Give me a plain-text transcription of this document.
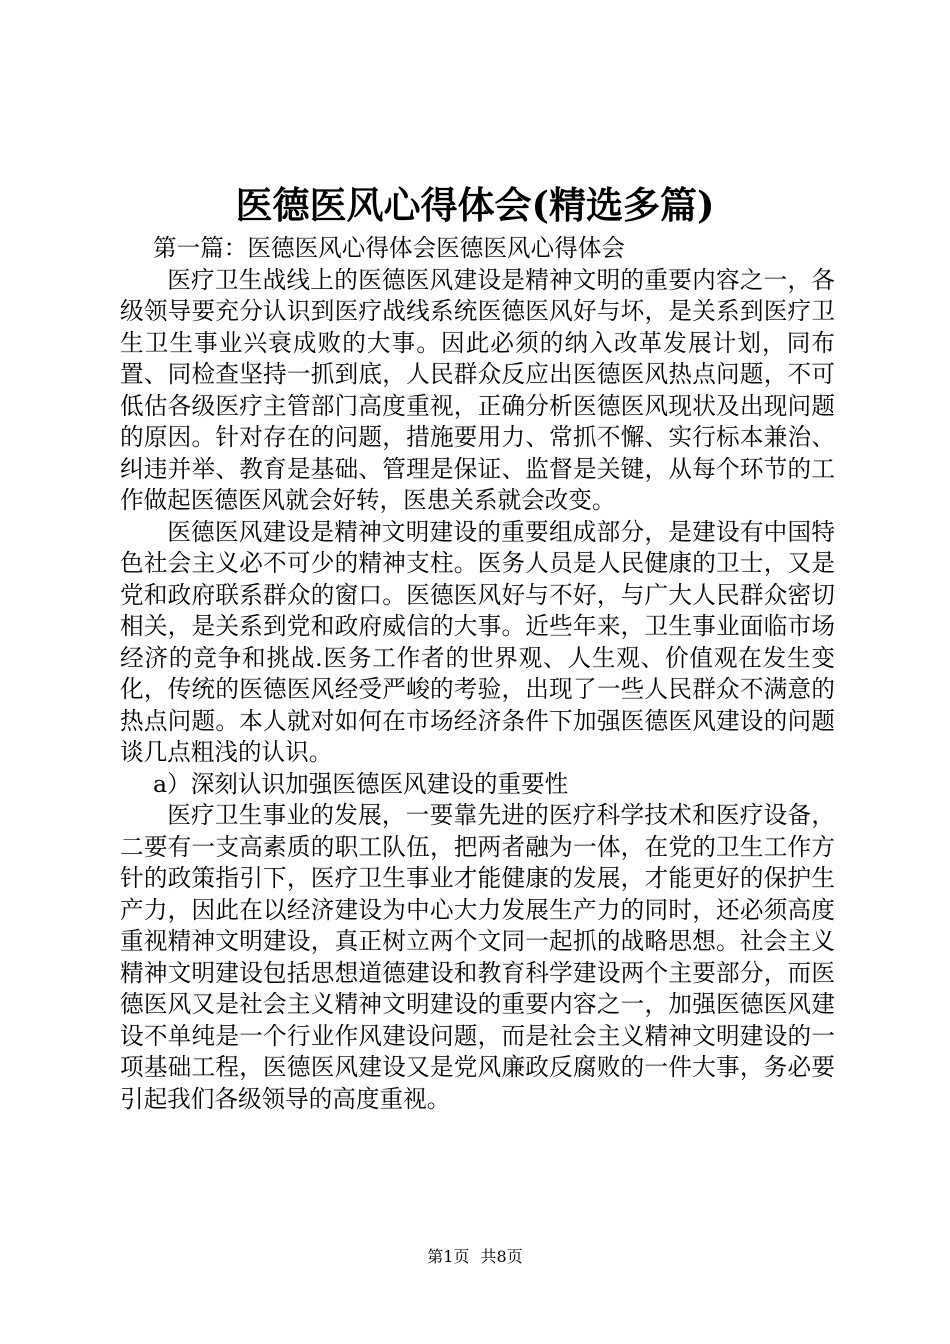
医德医风心得体会(精选多篇)

第一篇：医德医风心得体会医德医风心得体会

医疗卫生战线上的医德医风建设是精神文明的重要内容之一，各级领导要充分认识到医疗战线系统医德医风好与坏，是关系到医疗卫生卫生事业兴衰成败的大事。因此必须的纳入改革发展计划，同布置、同检查坚持一抓到底，人民群众反应出医德医风热点问题，不可低估各级医疗主管部门高度重视，正确分析医德医风现状及出现问题的原因。针对存在的问题，措施要用力、常抓不懈、实行标本兼治、纠违并举、教育是基础、管理是保证、监督是关键，从每个环节的工作做起医德医风就会好转，医患关系就会改变。

医德医风建设是精神文明建设的重要组成部分，是建设有中国特色社会主义必不可少的精神支柱。医务人员是人民健康的卫士，又是党和政府联系群众的窗口。医德医风好与不好，与广大人民群众密切相关，是关系到党和政府威信的大事。近些年来，卫生事业面临市场经济的竞争和挑战.医务工作者的世界观、人生观、价值观在发生变化，传统的医德医风经受严峻的考验，出现了一些人民群众不满意的热点问题。本人就对如何在市场经济条件下加强医德医风建设的问题谈几点粗浅的认识。

a）深刻认识加强医德医风建设的重要性

医疗卫生事业的发展，一要靠先进的医疗科学技术和医疗设备，二要有一支高素质的职工队伍，把两者融为一体，在党的卫生工作方针的政策指引下，医疗卫生事业才能健康的发展，才能更好的保护生产力，因此在以经济建设为中心大力发展生产力的同时，还必须高度重视精神文明建设，真正树立两个文同一起抓的战略思想。社会主义精神文明建设包括思想道德建设和教育科学建设两个主要部分，而医德医风又是社会主义精神文明建设的重要内容之一，加强医德医风建设不单纯是一个行业作风建设问题，而是社会主义精神文明建设的一项基础工程，医德医风建设又是党风廉政反腐败的一件大事，务必要引起我们各级领导的高度重视。

第1页 共8页
